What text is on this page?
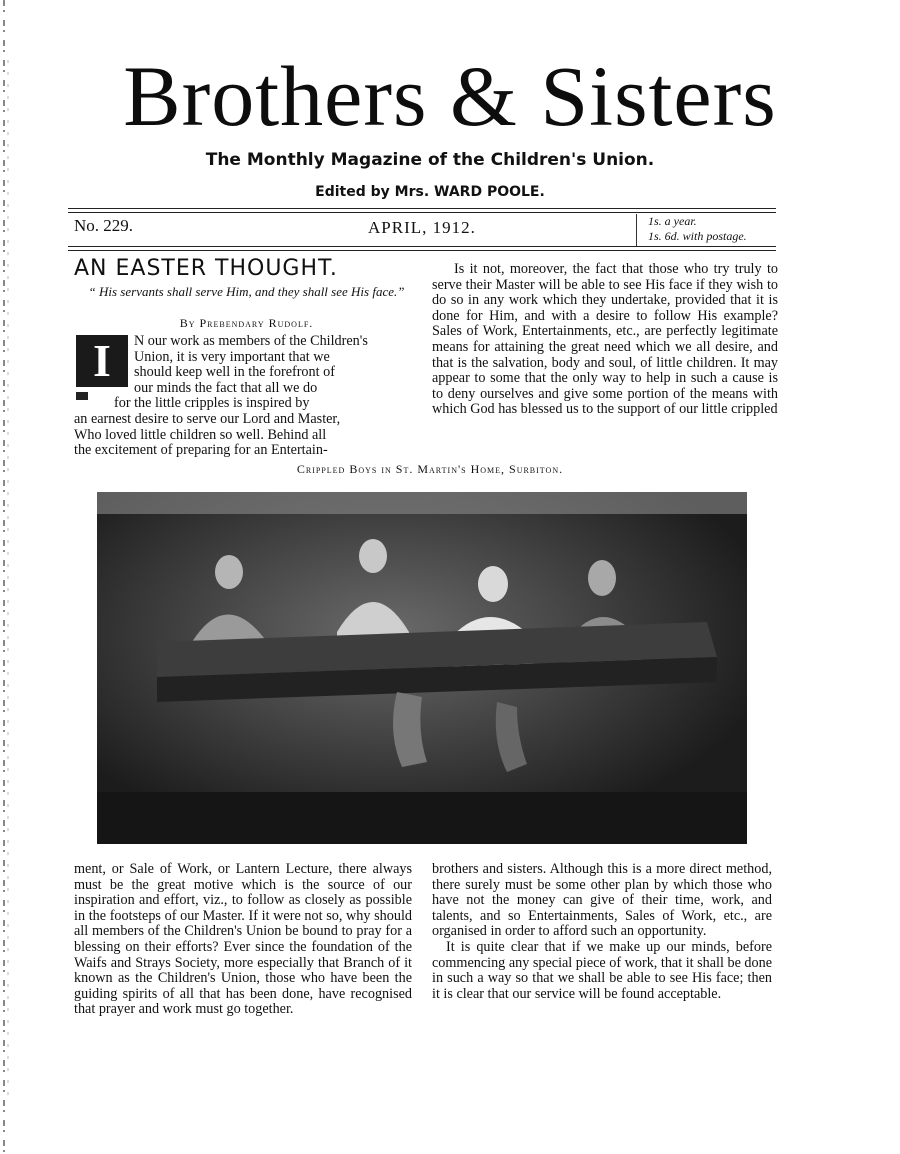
Brothers & Sisters
The Monthly Magazine of the Children's Union.
Edited by Mrs. WARD POOLE.
No. 229.	APRIL, 1912.	1s. a year.
1s. 6d. with postage.
AN EASTER THOUGHT.
“ His servants shall serve Him, and they shall see His face.”
By Prebendary Rudolf.
I	N our work as members of the Children's
Union, it is very important that we
should keep well in the forefront of
our minds the fact that all we do
for the little cripples is inspired by
an earnest desire to serve our Lord and Master,
Who loved little children so well. Behind all
the excitement of preparing for an Entertain-

Is it not, moreover, the fact that those who try truly to serve their Master will be able to see His face if they wish to do so in any work which they undertake, provided that it is done for Him, and with a desire to follow His example? Sales of Work, Entertainments, etc., are perfectly legitimate means for attaining the great need which we all desire, and that is the salvation, body and soul, of little children. It may appear to some that the only way to help in such a cause is to deny ourselves and give some portion of the means with which God has blessed us to the support of our little crippled

Crippled Boys in St. Martin's Home, Surbiton.

ment, or Sale of Work, or Lantern Lecture, there always must be the great motive which is the source of our inspiration and effort, viz., to follow as closely as possible in the footsteps of our Master. If it were not so, why should all members of the Children's Union be bound to pray for a blessing on their efforts? Ever since the foundation of the Waifs and Strays Society, more especially that Branch of it known as the Children's Union, those who have been the guiding spirits of all that has been done, have recognised that prayer and work must go together.

brothers and sisters. Although this is a more direct method, there surely must be some other plan by which those who have not the money can give of their time, work, and talents, and so Entertainments, Sales of Work, etc., are organised in order to afford such an opportunity.

It is quite clear that if we make up our minds, before commencing any special piece of work, that it shall be done in such a way so that we shall be able to see His face; then it is clear that our service will be found acceptable.
